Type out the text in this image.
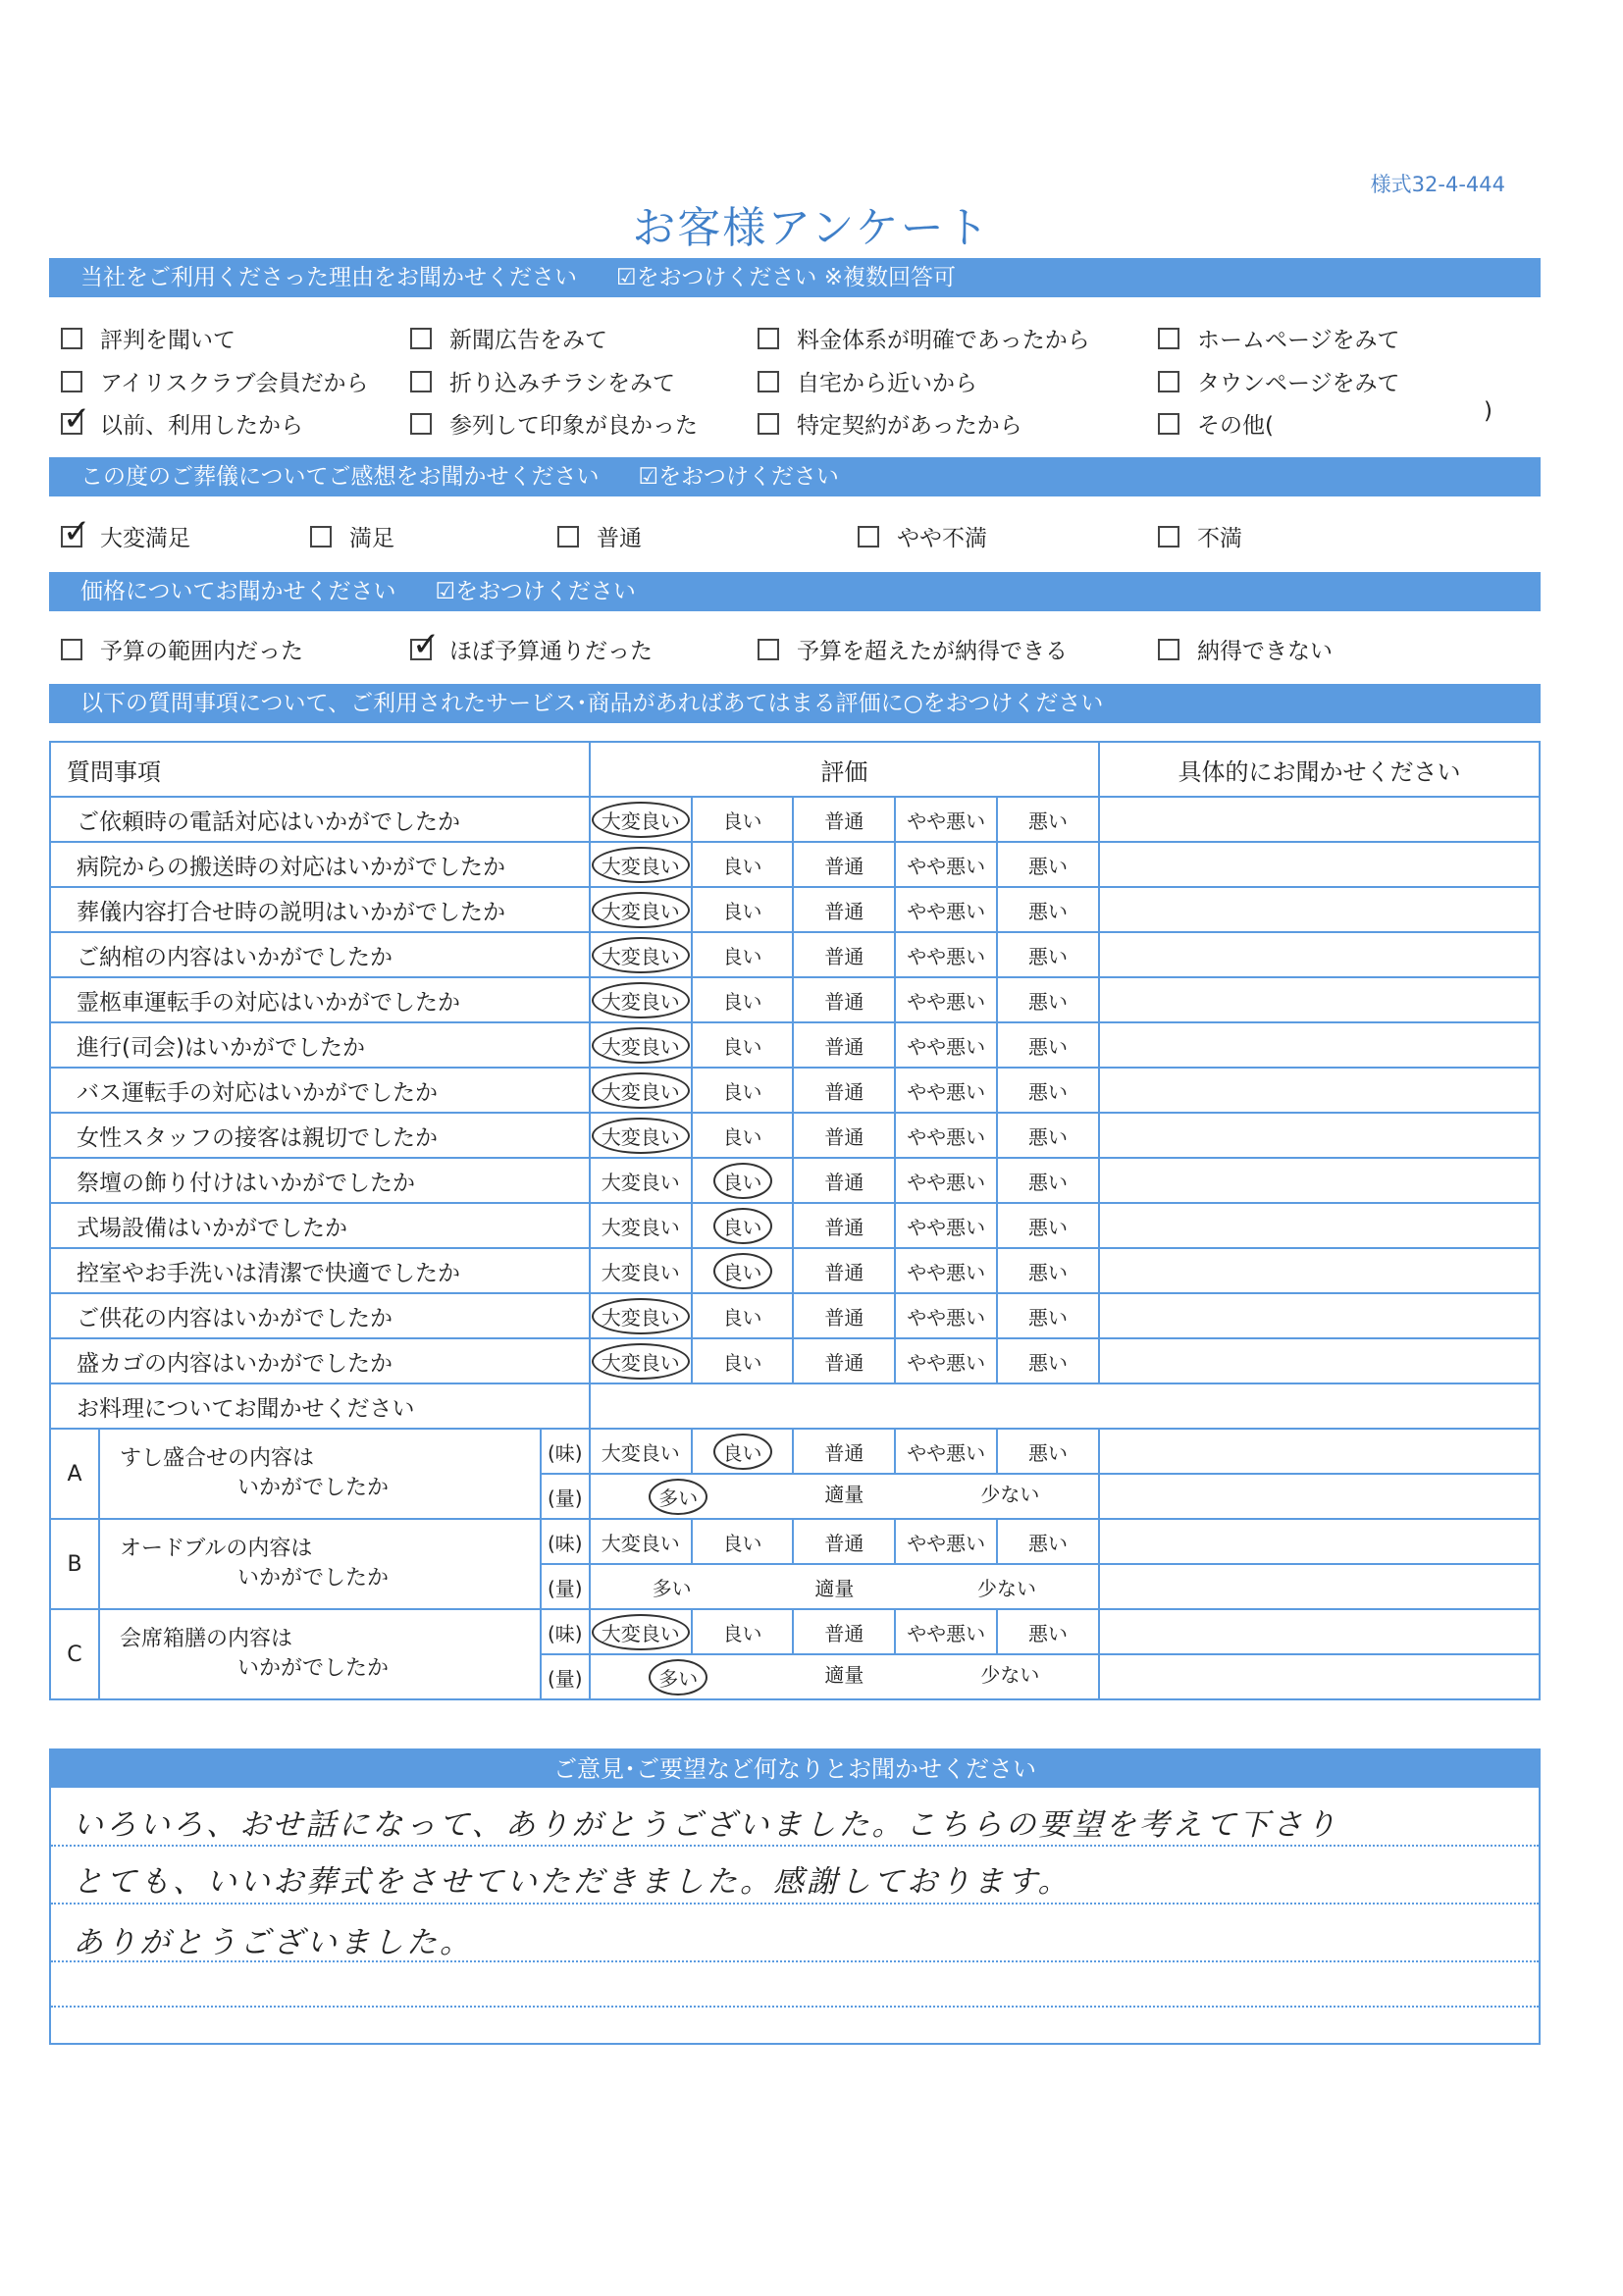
様式32-4-444
お客様アンケート
当社をご利用くださった理由をお聞かせください ☑をおつけください ※複数回答可
評判を聞いて	新聞広告をみて	料金体系が明確であったから	ホームページをみて
アイリスクラブ会員だから	折り込みチラシをみて	自宅から近いから	タウンページをみて
✓
以前、利用したから	参列して印象が良かった	特定契約があったから	その他(
)
この度のご葬儀についてご感想をお聞かせください ☑をおつけください
✓
大変満足	満足	普通	やや不満	不満
価格についてお聞かせください ☑をおつけください
予算の範囲内だった ✓	ほぼ予算通りだった	予算を超えたが納得できる	納得できない
以下の質問事項について、ご利用されたサービス･商品があればあてはまる評価に○をおつけください
質問事項			評価					具体的にお聞かせください
ご依頼時の電話対応はいかがでしたか			大変良い	良い	普通	やや悪い	悪い	
病院からの搬送時の対応はいかがでしたか			大変良い	良い	普通	やや悪い	悪い	
葬儀内容打合せ時の説明はいかがでしたか			大変良い	良い	普通	やや悪い	悪い	
ご納棺の内容はいかがでしたか			大変良い	良い	普通	やや悪い	悪い	
霊柩車運転手の対応はいかがでしたか			大変良い	良い	普通	やや悪い	悪い	
進行(司会)はいかがでしたか			大変良い	良い	普通	やや悪い	悪い	
バス運転手の対応はいかがでしたか			大変良い	良い	普通	やや悪い	悪い	
女性スタッフの接客は親切でしたか			大変良い	良い	普通	やや悪い	悪い	
祭壇の飾り付けはいかがでしたか			大変良い	良い	普通	やや悪い	悪い	
式場設備はいかがでしたか			大変良い	良い	普通	やや悪い	悪い	
控室やお手洗いは清潔で快適でしたか			大変良い	良い	普通	やや悪い	悪い	
ご供花の内容はいかがでしたか			大変良い	良い	普通	やや悪い	悪い	
盛カゴの内容はいかがでしたか			大変良い	良い	普通	やや悪い	悪い	
お料理についてお聞かせください								
A	すし盛合せの内容は
いかがでしたか	(味)	大変良い	良い	普通	やや悪い	悪い	
		(量)	多い 適量 少ない					

B	オードブルの内容は
いかがでしたか	(味)	大変良い	良い	普通	やや悪い	悪い	
		(量)	多い 適量 少ない					

C	会席箱膳の内容は
いかがでしたか	(味)	大変良い	良い	普通	やや悪い	悪い	
		(量)	多い 適量 少ない					

ご意見･ご要望など何なりとお聞かせください
いろいろ、おせ話になって、ありがとうございました。こちらの要望を考えて下さり
とても、いいお葬式をさせていただきました。感謝しております。
ありがとうございました。
